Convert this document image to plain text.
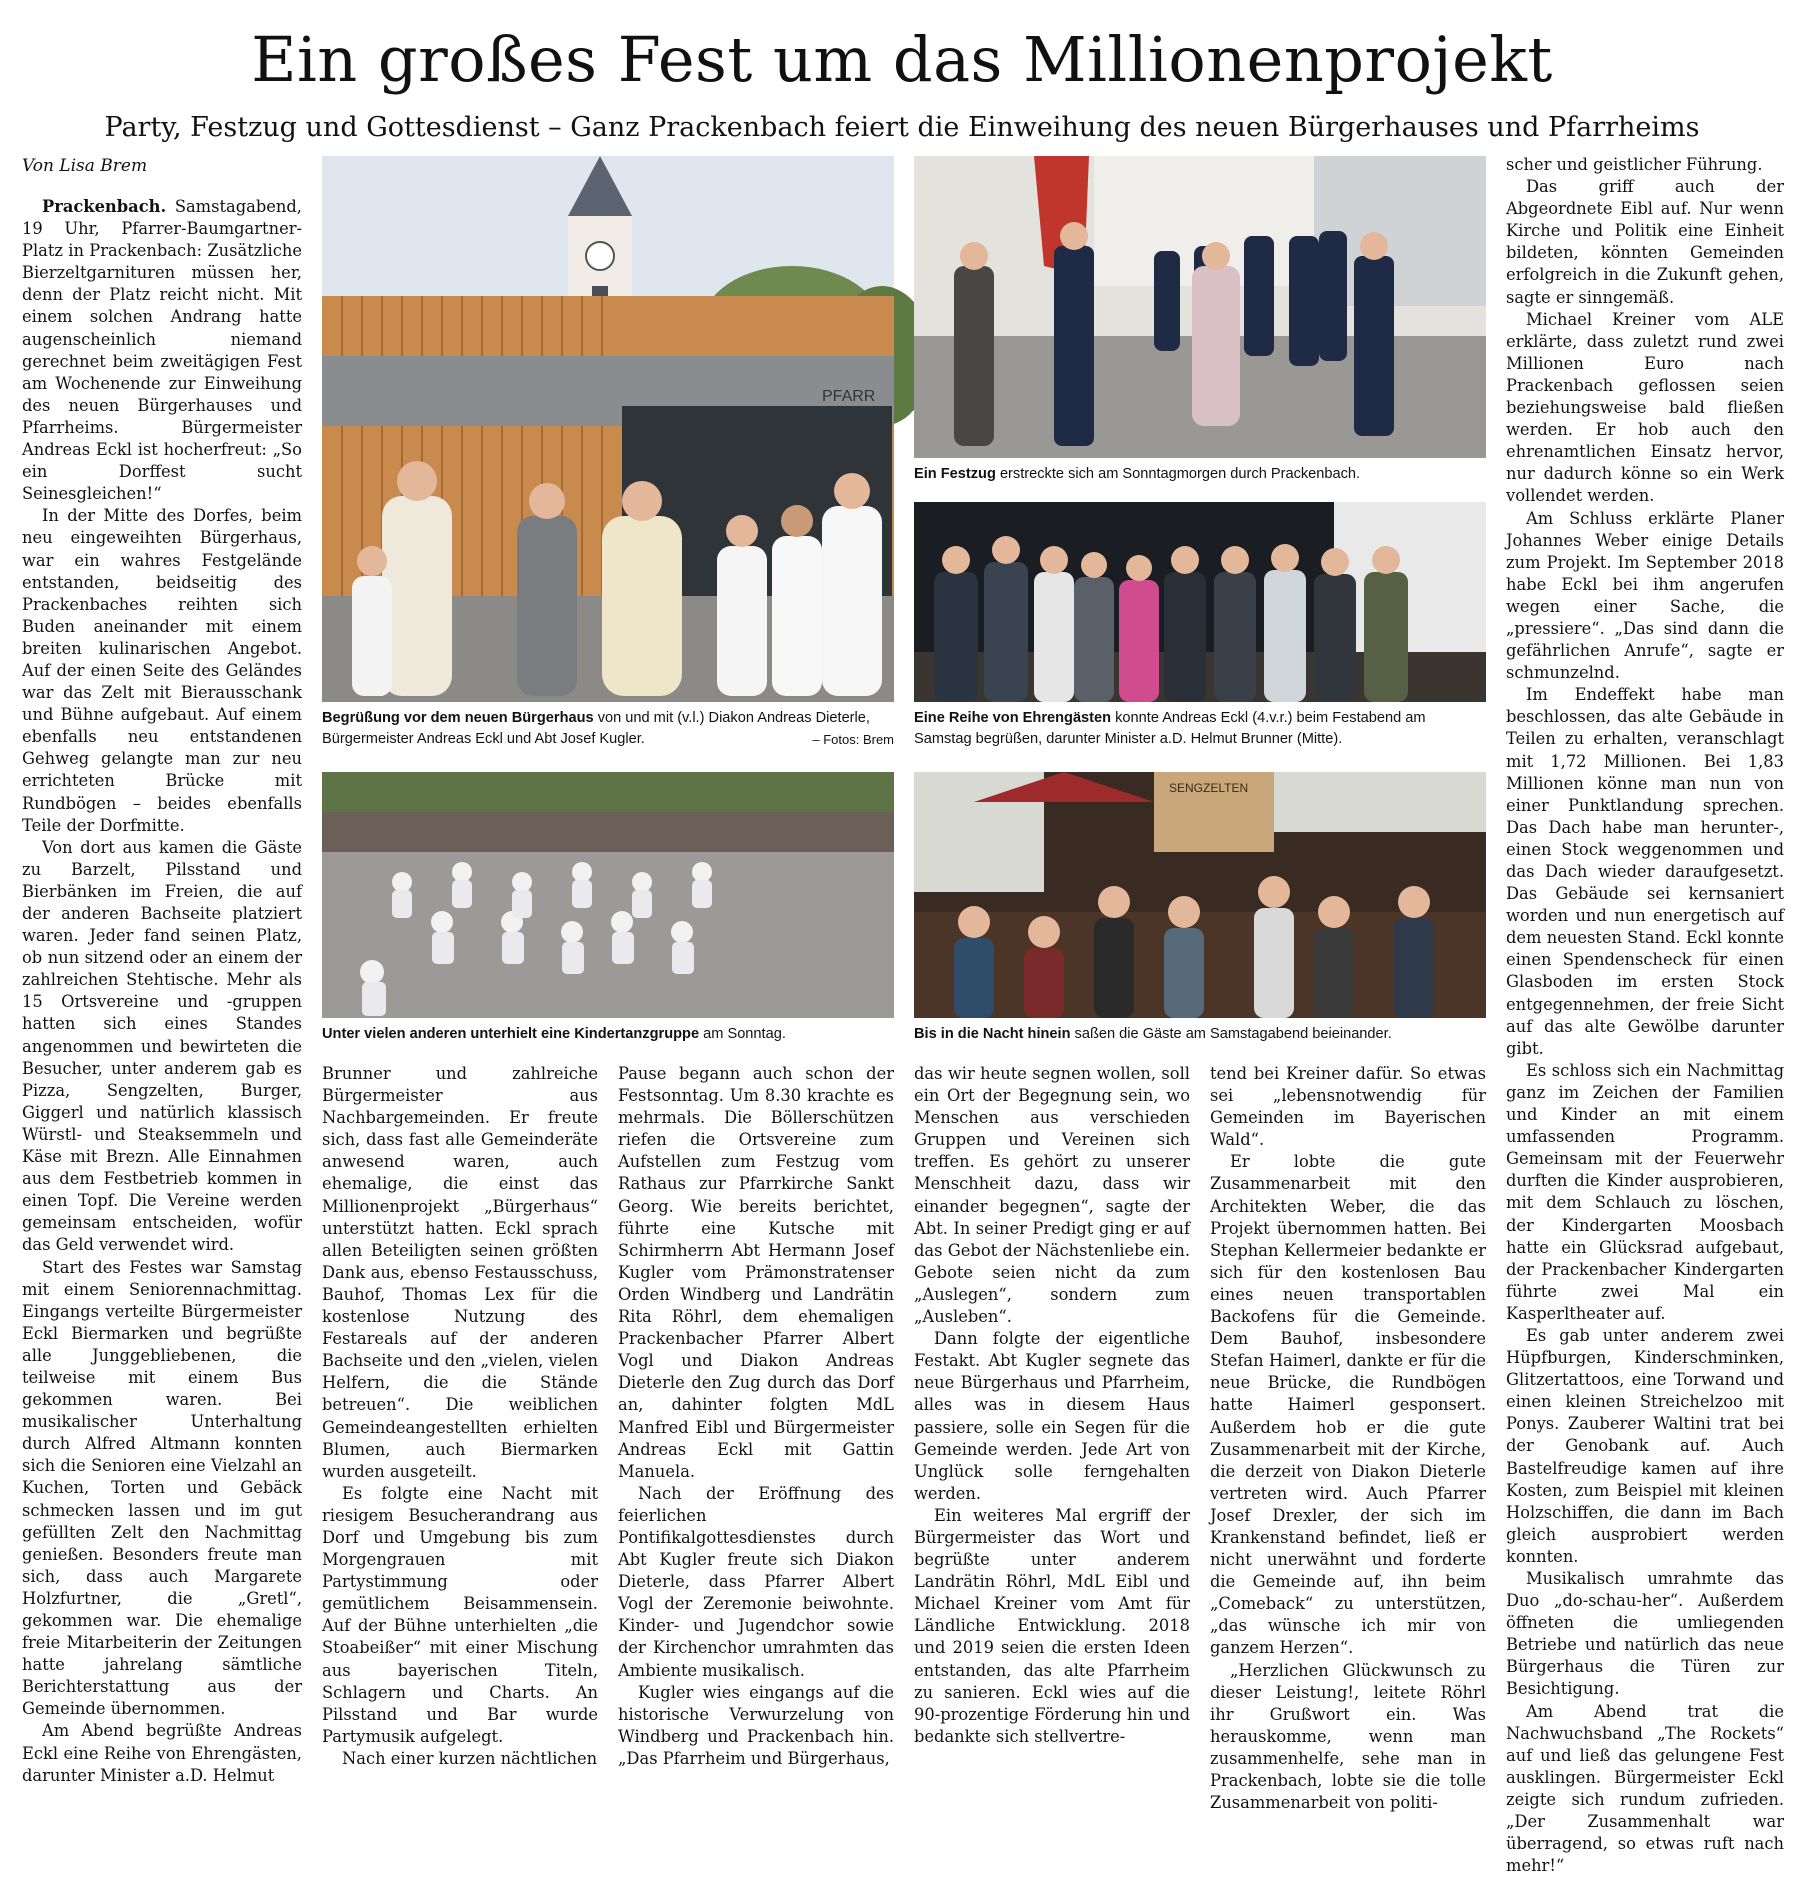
Ein großes Fest um das Millionenprojekt
Party, Festzug und Gottesdienst – Ganz Prackenbach feiert die Einweihung des neuen Bürgerhauses und Pfarrheims
Von Lisa Brem

Prackenbach. Samstagabend, 19 Uhr, Pfarrer-Baumgartner-Platz in Prackenbach: Zusätzliche Bierzeltgarnituren müssen her, denn der Platz reicht nicht. Mit einem solchen Andrang hatte augenscheinlich niemand gerechnet beim zweitägigen Fest am Wochenende zur Einweihung des neuen Bürgerhauses und Pfarrheims. Bürgermeister Andreas Eckl ist hocherfreut: „So ein Dorffest sucht Seinesgleichen!“

In der Mitte des Dorfes, beim neu eingeweihten Bürgerhaus, war ein wahres Festgelände entstanden, beidseitig des Prackenbaches reihten sich Buden aneinander mit einem breiten kulinarischen Angebot. Auf der einen Seite des Geländes war das Zelt mit Bierausschank und Bühne aufgebaut. Auf einem ebenfalls neu entstandenen Gehweg gelangte man zur neu errichteten Brücke mit Rundbögen – beides ebenfalls Teile der Dorfmitte.

Von dort aus kamen die Gäste zu Barzelt, Pilsstand und Bierbänken im Freien, die auf der anderen Bachseite platziert waren. Jeder fand seinen Platz, ob nun sitzend oder an einem der zahlreichen Stehtische. Mehr als 15 Ortsvereine und -gruppen hatten sich eines Standes angenommen und bewirteten die Besucher, unter anderem gab es Pizza, Sengzelten, Burger, Giggerl und natürlich klassisch Würstl- und Steaksemmeln und Käse mit Brezn. Alle Einnahmen aus dem Festbetrieb kommen in einen Topf. Die Vereine werden gemeinsam entscheiden, wofür das Geld verwendet wird.

Start des Festes war Samstag mit einem Seniorennachmittag. Eingangs verteilte Bürgermeister Eckl Biermarken und begrüßte alle Junggebliebenen, die teilweise mit einem Bus gekommen waren. Bei musikalischer Unterhaltung durch Alfred Altmann konnten sich die Senioren eine Vielzahl an Kuchen, Torten und Gebäck schmecken lassen und im gut gefüllten Zelt den Nachmittag genießen. Besonders freute man sich, dass auch Margarete Holzfurtner, die „Gretl“, gekommen war. Die ehemalige freie Mitarbeiterin der Zeitungen hatte jahrelang sämtliche Berichterstattung aus der Gemeinde übernommen.

Am Abend begrüßte Andreas Eckl eine Reihe von Ehrengästen, darunter Minister a.D. Helmut

Brunner und zahlreiche Bürgermeister aus Nachbargemeinden. Er freute sich, dass fast alle Gemeinderäte anwesend waren, auch ehemalige, die einst das Millionenprojekt „Bürgerhaus“ unterstützt hatten. Eckl sprach allen Beteiligten seinen größten Dank aus, ebenso Festausschuss, Bauhof, Thomas Lex für die kostenlose Nutzung des Festareals auf der anderen Bachseite und den „vielen, vielen Helfern, die die Stände betreuen“. Die weiblichen Gemeindeangestellten erhielten Blumen, auch Biermarken wurden ausgeteilt.

Es folgte eine Nacht mit riesigem Besucherandrang aus Dorf und Umgebung bis zum Morgengrauen mit Partystimmung oder gemütlichem Beisammensein. Auf der Bühne unterhielten „die Stoabeißer“ mit einer Mischung aus bayerischen Titeln, Schlagern und Charts. An Pilsstand und Bar wurde Partymusik aufgelegt.

Nach einer kurzen nächtlichen

Pause begann auch schon der Festsonntag. Um 8.30 krachte es mehrmals. Die Böllerschützen riefen die Ortsvereine zum Aufstellen zum Festzug vom Rathaus zur Pfarrkirche Sankt Georg. Wie bereits berichtet, führte eine Kutsche mit Schirmherrn Abt Hermann Josef Kugler vom Prämonstratenser Orden Windberg und Landrätin Rita Röhrl, dem ehemaligen Prackenbacher Pfarrer Albert Vogl und Diakon Andreas Dieterle den Zug durch das Dorf an, dahinter folgten MdL Manfred Eibl und Bürgermeister Andreas Eckl mit Gattin Manuela.

Nach der Eröffnung des feierlichen Pontifikalgottesdienstes durch Abt Kugler freute sich Diakon Dieterle, dass Pfarrer Albert Vogl der Zeremonie beiwohnte. Kinder- und Jugendchor sowie der Kirchenchor umrahmten das Ambiente musikalisch.

Kugler wies eingangs auf die historische Verwurzelung von Windberg und Prackenbach hin. „Das Pfarrheim und Bürgerhaus,

das wir heute segnen wollen, soll ein Ort der Begegnung sein, wo Menschen aus verschieden Gruppen und Vereinen sich treffen. Es gehört zu unserer Menschheit dazu, dass wir einander begegnen“, sagte der Abt. In seiner Predigt ging er auf das Gebot der Nächstenliebe ein. Gebote seien nicht da zum „Auslegen“, sondern zum „Ausleben“.

Dann folgte der eigentliche Festakt. Abt Kugler segnete das neue Bürgerhaus und Pfarrheim, alles was in diesem Haus passiere, solle ein Segen für die Gemeinde werden. Jede Art von Unglück solle ferngehalten werden.

Ein weiteres Mal ergriff der Bürgermeister das Wort und begrüßte unter anderem Landrätin Röhrl, MdL Eibl und Michael Kreiner vom Amt für Ländliche Entwicklung. 2018 und 2019 seien die ersten Ideen entstanden, das alte Pfarrheim zu sanieren. Eckl wies auf die 90-prozentige Förderung hin und bedankte sich stellvertre-

tend bei Kreiner dafür. So etwas sei „lebensnotwendig für Gemeinden im Bayerischen Wald“.

Er lobte die gute Zusammenarbeit mit den Architekten Weber, die das Projekt übernommen hatten. Bei Stephan Kellermeier bedankte er sich für den kostenlosen Bau eines neuen transportablen Backofens für die Gemeinde. Dem Bauhof, insbesondere Stefan Haimerl, dankte er für die neue Brücke, die Rundbögen hatte Haimerl gesponsert. Außerdem hob er die gute Zusammenarbeit mit der Kirche, die derzeit von Diakon Dieterle vertreten wird. Auch Pfarrer Josef Drexler, der sich im Krankenstand befindet, ließ er nicht unerwähnt und forderte die Gemeinde auf, ihn beim „Comeback“ zu unterstützen, „das wünsche ich mir von ganzem Herzen“.

„Herzlichen Glückwunsch zu dieser Leistung!, leitete Röhrl ihr Grußwort ein. Was herauskomme, wenn man zusammenhelfe, sehe man in Prackenbach, lobte sie die tolle Zusammenarbeit von politi-

scher und geistlicher Führung.

Das griff auch der Abgeordnete Eibl auf. Nur wenn Kirche und Politik eine Einheit bildeten, könnten Gemeinden erfolgreich in die Zukunft gehen, sagte er sinngemäß.

Michael Kreiner vom ALE erklärte, dass zuletzt rund zwei Millionen Euro nach Prackenbach geflossen seien beziehungsweise bald fließen werden. Er hob auch den ehrenamtlichen Einsatz hervor, nur dadurch könne so ein Werk vollendet werden.

Am Schluss erklärte Planer Johannes Weber einige Details zum Projekt. Im September 2018 habe Eckl bei ihm angerufen wegen einer Sache, die „pressiere“. „Das sind dann die gefährlichen Anrufe“, sagte er schmunzelnd.

Im Endeffekt habe man beschlossen, das alte Gebäude in Teilen zu erhalten, veranschlagt mit 1,72 Millionen. Bei 1,83 Millionen könne man nun von einer Punktlandung sprechen. Das Dach habe man herunter-, einen Stock weggenommen und das Dach wieder daraufgesetzt. Das Gebäude sei kernsaniert worden und nun energetisch auf dem neuesten Stand. Eckl konnte einen Spendenscheck für einen Glasboden im ersten Stock entgegennehmen, der freie Sicht auf das alte Gewölbe darunter gibt.

Es schloss sich ein Nachmittag ganz im Zeichen der Familien und Kinder an mit einem umfassenden Programm. Gemeinsam mit der Feuerwehr durften die Kinder ausprobieren, mit dem Schlauch zu löschen, der Kindergarten Moosbach hatte ein Glücksrad aufgebaut, der Prackenbacher Kindergarten führte zwei Mal ein Kasperltheater auf.

Es gab unter anderem zwei Hüpfburgen, Kinderschminken, Glitzertattoos, eine Torwand und einen kleinen Streichelzoo mit Ponys. Zauberer Waltini trat bei der Genobank auf. Auch Bastelfreudige kamen auf ihre Kosten, zum Beispiel mit kleinen Holzschiffen, die dann im Bach gleich ausprobiert werden konnten.

Musikalisch umrahmte das Duo „do-schau-her“. Außerdem öffneten die umliegenden Betriebe und natürlich das neue Bürgerhaus die Türen zur Besichtigung.

Am Abend trat die Nachwuchsband „The Rockets“ auf und ließ das gelungene Fest ausklingen. Bürgermeister Eckl zeigte sich rundum zufrieden. „Der Zusammenhalt war überragend, so etwas ruft nach mehr!“

PFARR
Begrüßung vor dem neuen Bürgerhaus von und mit (v.l.) Diakon Andreas Dieterle, Bürgermeister Andreas Eckl und Abt Josef Kugler.	– Fotos: Brem
Ein Festzug erstreckte sich am Sonntagmorgen durch Prackenbach.
Eine Reihe von Ehrengästen konnte Andreas Eckl (4.v.r.) beim Festabend am Samstag begrüßen, darunter Minister a.D. Helmut Brunner (Mitte).
Unter vielen anderen unterhielt eine Kindertanzgruppe am Sonntag.
SENGZELTEN
Bis in die Nacht hinein saßen die Gäste am Samstagabend beieinander.
